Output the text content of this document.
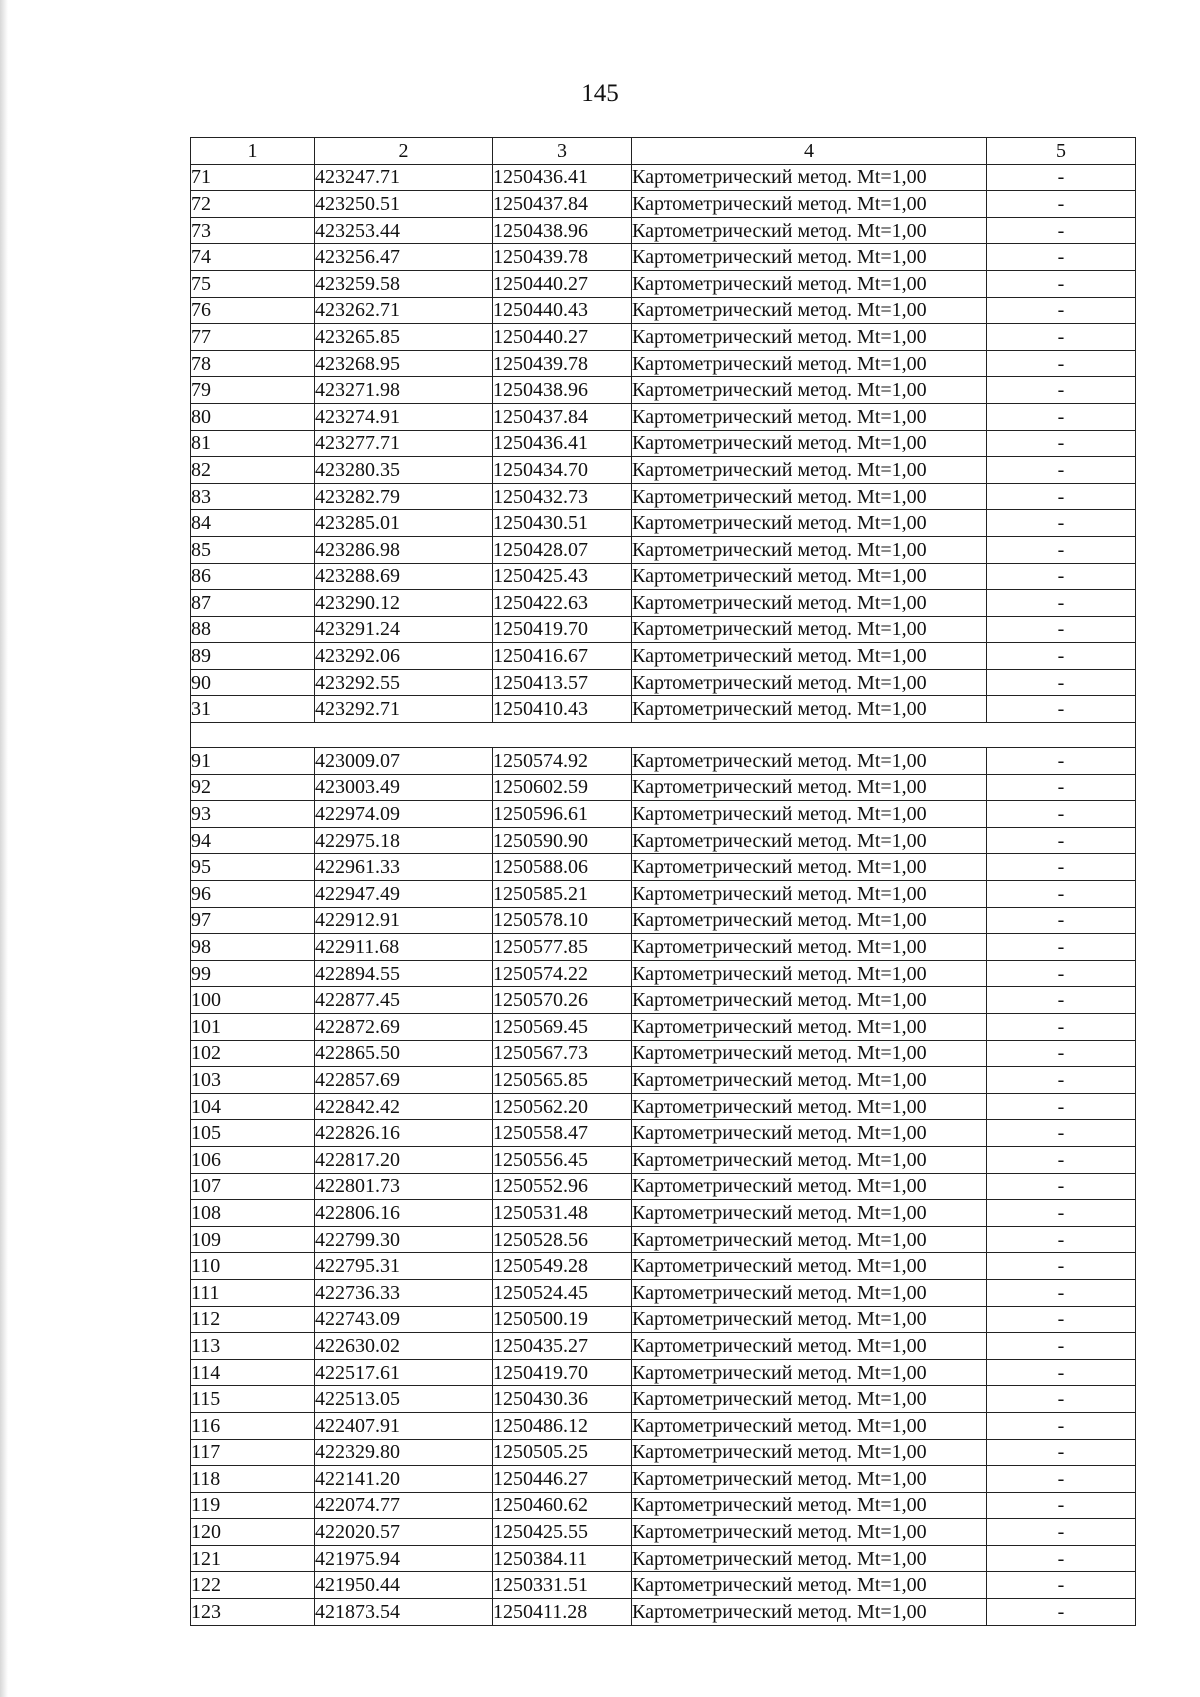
145
1	2	3	4	5
71	423247.71	1250436.41	Картометрический метод. Mt=1,00	-
72	423250.51	1250437.84	Картометрический метод. Mt=1,00	-
73	423253.44	1250438.96	Картометрический метод. Mt=1,00	-
74	423256.47	1250439.78	Картометрический метод. Mt=1,00	-
75	423259.58	1250440.27	Картометрический метод. Mt=1,00	-
76	423262.71	1250440.43	Картометрический метод. Mt=1,00	-
77	423265.85	1250440.27	Картометрический метод. Mt=1,00	-
78	423268.95	1250439.78	Картометрический метод. Mt=1,00	-
79	423271.98	1250438.96	Картометрический метод. Mt=1,00	-
80	423274.91	1250437.84	Картометрический метод. Mt=1,00	-
81	423277.71	1250436.41	Картометрический метод. Mt=1,00	-
82	423280.35	1250434.70	Картометрический метод. Mt=1,00	-
83	423282.79	1250432.73	Картометрический метод. Mt=1,00	-
84	423285.01	1250430.51	Картометрический метод. Mt=1,00	-
85	423286.98	1250428.07	Картометрический метод. Mt=1,00	-
86	423288.69	1250425.43	Картометрический метод. Mt=1,00	-
87	423290.12	1250422.63	Картометрический метод. Mt=1,00	-
88	423291.24	1250419.70	Картометрический метод. Mt=1,00	-
89	423292.06	1250416.67	Картометрический метод. Mt=1,00	-
90	423292.55	1250413.57	Картометрический метод. Mt=1,00	-
31	423292.71	1250410.43	Картометрический метод. Mt=1,00	-

91	423009.07	1250574.92	Картометрический метод. Mt=1,00	-
92	423003.49	1250602.59	Картометрический метод. Mt=1,00	-
93	422974.09	1250596.61	Картометрический метод. Mt=1,00	-
94	422975.18	1250590.90	Картометрический метод. Mt=1,00	-
95	422961.33	1250588.06	Картометрический метод. Mt=1,00	-
96	422947.49	1250585.21	Картометрический метод. Mt=1,00	-
97	422912.91	1250578.10	Картометрический метод. Mt=1,00	-
98	422911.68	1250577.85	Картометрический метод. Mt=1,00	-
99	422894.55	1250574.22	Картометрический метод. Mt=1,00	-
100	422877.45	1250570.26	Картометрический метод. Mt=1,00	-
101	422872.69	1250569.45	Картометрический метод. Mt=1,00	-
102	422865.50	1250567.73	Картометрический метод. Mt=1,00	-
103	422857.69	1250565.85	Картометрический метод. Mt=1,00	-
104	422842.42	1250562.20	Картометрический метод. Mt=1,00	-
105	422826.16	1250558.47	Картометрический метод. Mt=1,00	-
106	422817.20	1250556.45	Картометрический метод. Mt=1,00	-
107	422801.73	1250552.96	Картометрический метод. Mt=1,00	-
108	422806.16	1250531.48	Картометрический метод. Mt=1,00	-
109	422799.30	1250528.56	Картометрический метод. Mt=1,00	-
110	422795.31	1250549.28	Картометрический метод. Mt=1,00	-
111	422736.33	1250524.45	Картометрический метод. Mt=1,00	-
112	422743.09	1250500.19	Картометрический метод. Mt=1,00	-
113	422630.02	1250435.27	Картометрический метод. Mt=1,00	-
114	422517.61	1250419.70	Картометрический метод. Mt=1,00	-
115	422513.05	1250430.36	Картометрический метод. Mt=1,00	-
116	422407.91	1250486.12	Картометрический метод. Mt=1,00	-
117	422329.80	1250505.25	Картометрический метод. Mt=1,00	-
118	422141.20	1250446.27	Картометрический метод. Mt=1,00	-
119	422074.77	1250460.62	Картометрический метод. Mt=1,00	-
120	422020.57	1250425.55	Картометрический метод. Mt=1,00	-
121	421975.94	1250384.11	Картометрический метод. Mt=1,00	-
122	421950.44	1250331.51	Картометрический метод. Mt=1,00	-
123	421873.54	1250411.28	Картометрический метод. Mt=1,00	-
